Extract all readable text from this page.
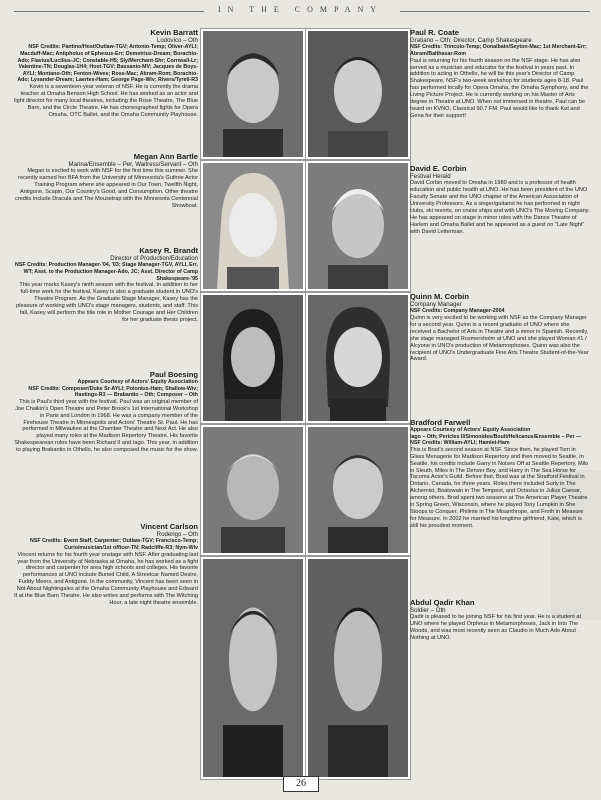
IN THE COMPANY
Kevin Barratt
Lodovico – Oth
NSF Credits: Pantino/Host/Outlaw-TGV; Antonio-Temp; Oliver-AYLI; Macduff-Mac; Antipholus of Ephesus-Err; Demetrius-Dream; Borachio-Ado; Flavius/Lucilius-JC; Constable-H5; Sly/Merchant-Shr; Cornwall-Lr; Valentine-TN; Douglas-1H4; Host-TGV; Bassanio-MV; Jacques de Boys-AYLI; Montano-Oth; Fenton-Wives; Ross-Mac; Abram-Rom; Borachio-Ado; Lysander-Dream; Laertes-Ham; George Page-Wiv; Rivers/Tyrell-R3
Kevin is a seventeen-year veteran of NSF. He is currently the drama teacher at Omaha Benson High School. He has worked as an actor and light director for many local theatres, including the Rose Theatre, The Blue Barn, and the Circle Theatre. He has choreographed fights for Opera Omaha, OTC Ballet, and the Omaha Community Playhouse.
Megan Ann Bartle
Marina/Ensemble – Per, Waitress/Servant – Oth
Megan is excited to work with NSF for the first time this summer. She recently earned her BFA from the University of Minnesota's Guthrie Actor Training Program where she appeared in Our Town, Twelfth Night, Antigone, Scapin, Our Country's Good, and Consumption. Other theatre credits include Dracula and The Mousetrap with the Minnesota Centennial Showboat.
Kasey R. Brandt
Director of Production/Education
NSF Credits: Production Manager-'04, '03; Stage Manager-TGV, AYLI, Err, WT; Asst. to the Production Manager-Ado, JC; Asst. Director of Camp Shakespeare-'95
This year marks Kasey's ninth season with the festival. In addition to her full-time work for the festival, Kasey is also a graduate student in UNO's Theatre Program. As the Graduate Stage Manager, Kasey has the pleasure of working with UNO's stage managers, students, and staff. This fall, Kasey will perform the title role in Mother Courage and Her Children for her graduate thesis project.
Paul Boesing
Appears Courtesy of Actors' Equity Association
NSF Credits: Composer/Duke Sr-AYLI; Polonius-Ham; Shallow-Wiv; Hastings-R3 — Brabantio – Oth; Composer – Oth
This is Paul's third year with the festival. Paul was an original member of Joe Chaikin's Open Theatre and Peter Brook's 1st International Workshop in Paris and London in 1968. He was a company member of the Firehouse Theatre in Minneapolis and Actors' Theatre St. Paul. He has performed in Milwaukee at the Chamber Theatre and Next Act. He also played many roles at the Madison Repertory Theatre. His favorite Shakespearean roles have been Richard II and Iago. This year, in addition to playing Brabantio in Othello, he also composed the music for the show.
Vincent Carlson
Roderigo – Oth
NSF Credits: Event Staff, Carpenter; Outlaw-TGV; Francisco-Temp; Curio/musician/1st officer-TN; Radcliffe-R3; Nym-Wiv
Vincent returns for his fourth year onstage with NSF. After graduating last year from the University of Nebraska at Omaha, he has worked as a fight director and carpenter for area high schools and colleges. His favorite performances at UNO include Buried Child, A Streetcar Named Desire, Fuddy Meers, and Antigone. In the community, Vincent has been seen in Not About Nightingales at the Omaha Community Playhouse and Edward II at the Blue Barn Theatre. He also writes and performs with The Witching Hour, a late night theatre ensemble.
Paul R. Coate
Gratiano – Oth; Director, Camp Shakespeare
NSF Credits: Trinculo-Temp; Donalbain/Seyton-Mac; 1st Merchant-Err; Abram/Balthasar-Rom
Paul is returning for his fourth season on the NSF stage. He has also served as a musician and educator for the festival in years past. In addition to acting in Othello, he will be this year's Director of Camp Shakespeare, NSF's two-week workshop for students ages 8-18. Paul has performed locally for Opera Omaha, the Omaha Symphony, and the Living Picture Project. He is currently working on his Master of Arts degree in Theatre at UNO. When not immersed in theatre, Paul can be heard on KVNO, Classical 90.7 FM. Paul would like to thank Kat and Gena for their support!
David E. Corbin
Festival Herald
David Corbin moved to Omaha in 1980 and is a professor of health education and public health at UNO. He has been president of the UNO Faculty Senate and the UNO chapter of the American Association of University Professors. As a singer/guitarist he has performed in night clubs, ski resorts, on cruise ships and with UNO's The Moving Company. He has appeared on stage in minor roles with the Dance Theatre of Harlem and Omaha Ballet and he appeared as a guest on "Late Night" with David Letterman.
Quinn M. Corbin
Company Manager
NSF Credits: Company Manager-2004
Quinn is very excited to be working with NSF as the Company Manager for a second year. Quinn is a recent graduate of UNO where she received a Bachelor of Arts in Theatre and a minor in Spanish. Recently, she stage managed Rosmersholm at UNO and she played Woman #1 / Alcyone in UNO's production of Metamorphoses. Quinn was also the recipient of UNO's Undergraduate Fine Arts Theatre Student-of-the-Year Award.
Bradford Farwell
Appears Courtesy of Actors' Equity Association
Iago – Oth; Pericles II/Simonides/Boult/Helicanus/Ensemble – Per — NSF Credits: William-AYLI; Hamlet-Ham
This is Brad's second season at NSF. Since then, he played Tom in Glass Menagerie for Madison Repertory and then moved to Seattle. In Seattle, his credits include Garry in Noises Off at Seattle Repertory, Milo in Sleuth, Miles in The Denver Boy, and Harry in The Sea Horse for Tacoma Actor's Guild. Before that, Brad was at the Stratford Festival in Ontario, Canada, for three years. Roles there included Surly in The Alchemist, Boatswain in The Tempest, and Octavius in Julius Caesar, among others. Brad spent two seasons at The American Player Theatre in Spring Green, Wisconsin, where he played Tony Lumpkin in She Stoops to Conquer, Philinte in The Misanthrope, and Froth in Measure for Measure. In 2002 he married his longtime girlfriend, Kate, which is still his proudest moment.
Abdul Qadir Khan
Soldier – Oth
Qadir is pleased to be joining NSF for his first year. He is a student at UNO where he played Orpheus in Metamorphoses, Jack in Into The Woods, and was most recently seen as Claudio in Much Ado About Nothing at UNO.
26
